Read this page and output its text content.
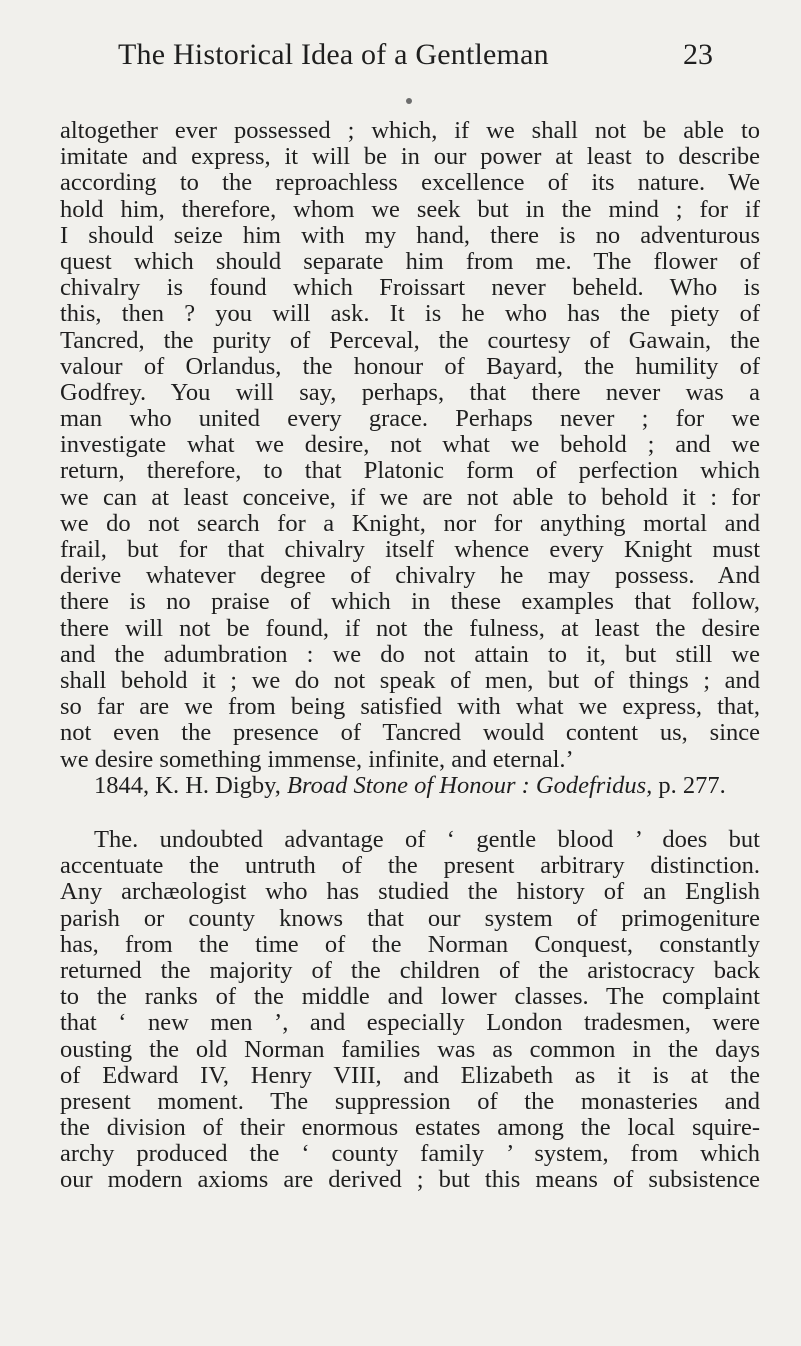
The Historical Idea of a Gentleman	23
altogether ever possessed ; which, if we shall not be able to
imitate and express, it will be in our power at least to describe
according to the reproachless excellence of its nature. We
hold him, therefore, whom we seek but in the mind ; for if
I should seize him with my hand, there is no adventurous
quest which should separate him from me. The flower of
chivalry is found which Froissart never beheld. Who is
this, then ? you will ask. It is he who has the piety of
Tancred, the purity of Perceval, the courtesy of Gawain, the
valour of Orlandus, the honour of Bayard, the humility of
Godfrey. You will say, perhaps, that there never was a
man who united every grace. Perhaps never ; for we
investigate what we desire, not what we behold ; and we
return, therefore, to that Platonic form of perfection which
we can at least conceive, if we are not able to behold it : for
we do not search for a Knight, nor for anything mortal and
frail, but for that chivalry itself whence every Knight must
derive whatever degree of chivalry he may possess. And
there is no praise of which in these examples that follow,
there will not be found, if not the fulness, at least the desire
and the adumbration : we do not attain to it, but still we
shall behold it ; we do not speak of men, but of things ; and
so far are we from being satisfied with what we express, that,
not even the presence of Tancred would content us, since
we desire something immense, infinite, and eternal.’
1844, K. H. Digby, Broad Stone of Honour : Godefridus, p. 277.
The. undoubted advantage of ‘ gentle blood ’ does but
accentuate the untruth of the present arbitrary distinction.
Any archæologist who has studied the history of an English
parish or county knows that our system of primogeniture
has, from the time of the Norman Conquest, constantly
returned the majority of the children of the aristocracy back
to the ranks of the middle and lower classes. The complaint
that ‘ new men ’, and especially London tradesmen, were
ousting the old Norman families was as common in the days
of Edward IV, Henry VIII, and Elizabeth as it is at the
present moment. The suppression of the monasteries and
the division of their enormous estates among the local squire-
archy produced the ‘ county family ’ system, from which
our modern axioms are derived ; but this means of subsistence
